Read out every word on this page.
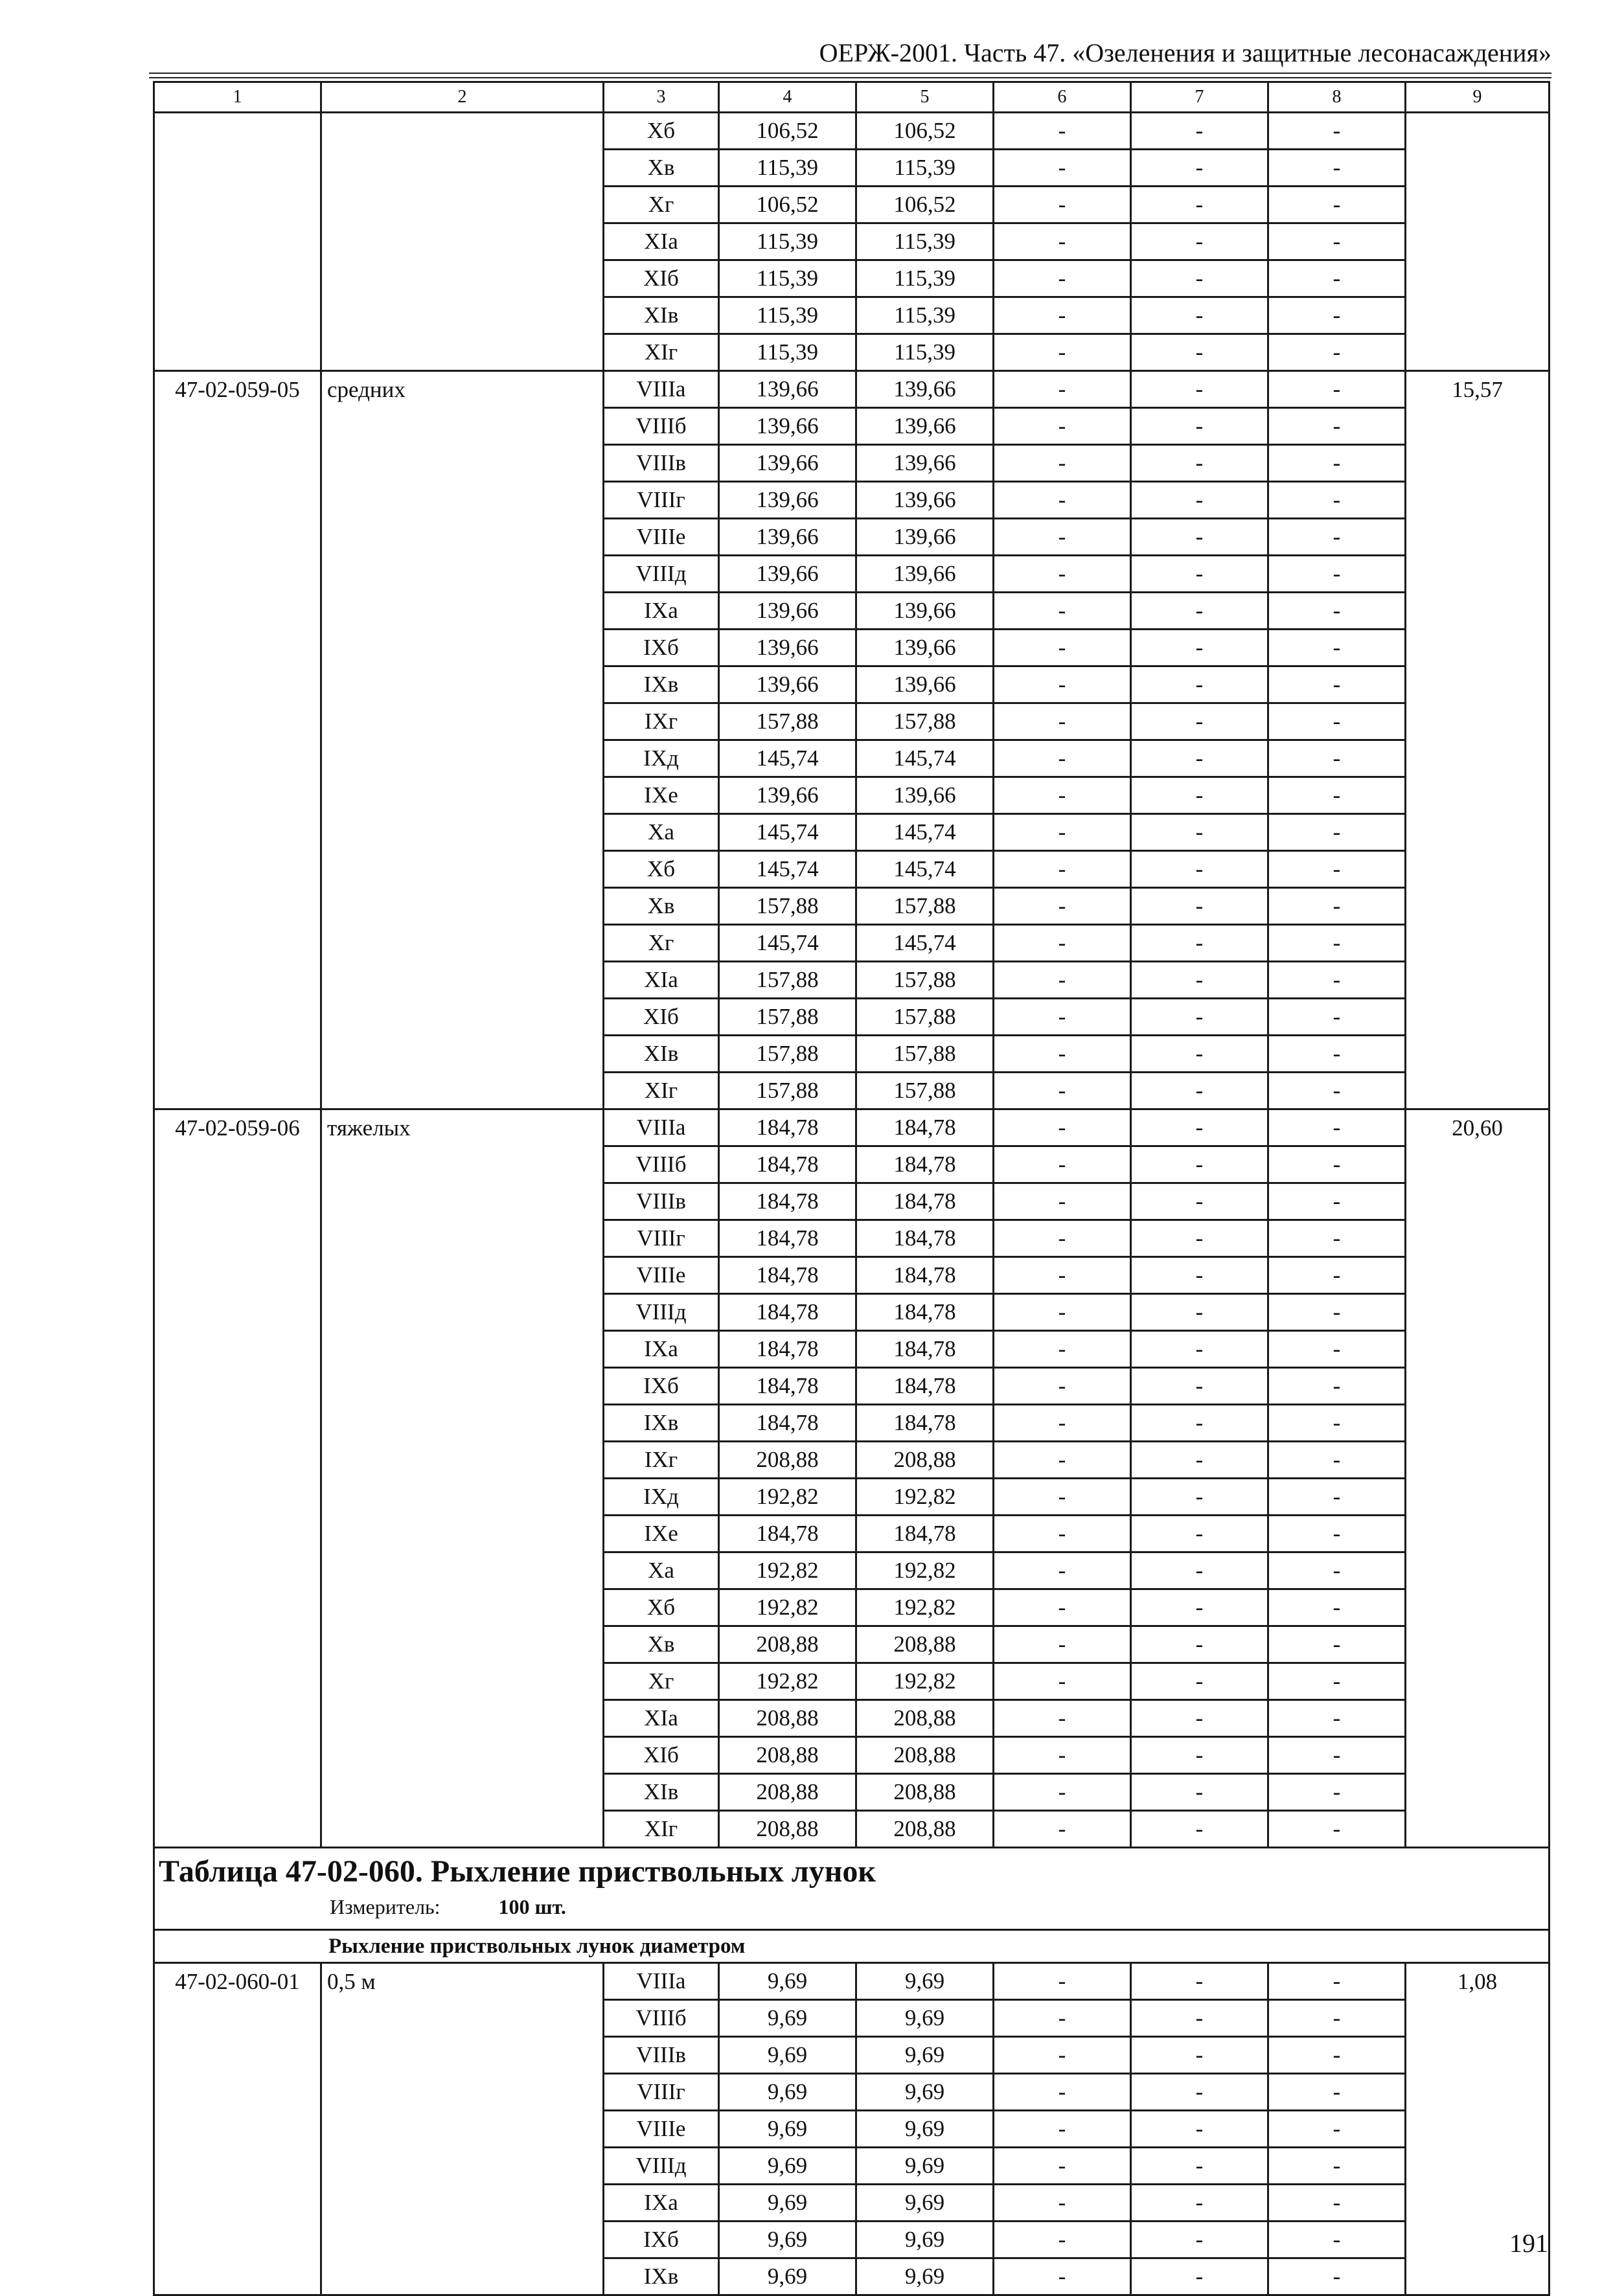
ОЕРЖ-2001. Часть 47. «Озеленения и защитные лесонасаждения»
1	2	3	4	5	6	7	8	9
		Xб	106,52	106,52	-	-	-	
		Xв	115,39	115,39	-	-	-	
		Xг	106,52	106,52	-	-	-	
		XIа	115,39	115,39	-	-	-	
		XIб	115,39	115,39	-	-	-	
		XIв	115,39	115,39	-	-	-	
		XIг	115,39	115,39	-	-	-	
47-02-059-05	средних	VIIIа	139,66	139,66	-	-	-	15,57
		VIIIб	139,66	139,66	-	-	-	
		VIIIв	139,66	139,66	-	-	-	
		VIIIг	139,66	139,66	-	-	-	
		VIIIе	139,66	139,66	-	-	-	
		VIIIд	139,66	139,66	-	-	-	
		IXа	139,66	139,66	-	-	-	
		IXб	139,66	139,66	-	-	-	
		IXв	139,66	139,66	-	-	-	
		IXг	157,88	157,88	-	-	-	
		IXд	145,74	145,74	-	-	-	
		IXе	139,66	139,66	-	-	-	
		Xа	145,74	145,74	-	-	-	
		Xб	145,74	145,74	-	-	-	
		Xв	157,88	157,88	-	-	-	
		Xг	145,74	145,74	-	-	-	
		XIа	157,88	157,88	-	-	-	
		XIб	157,88	157,88	-	-	-	
		XIв	157,88	157,88	-	-	-	
		XIг	157,88	157,88	-	-	-	
47-02-059-06	тяжелых	VIIIа	184,78	184,78	-	-	-	20,60
		VIIIб	184,78	184,78	-	-	-	
		VIIIв	184,78	184,78	-	-	-	
		VIIIг	184,78	184,78	-	-	-	
		VIIIе	184,78	184,78	-	-	-	
		VIIIд	184,78	184,78	-	-	-	
		IXа	184,78	184,78	-	-	-	
		IXб	184,78	184,78	-	-	-	
		IXв	184,78	184,78	-	-	-	
		IXг	208,88	208,88	-	-	-	
		IXд	192,82	192,82	-	-	-	
		IXе	184,78	184,78	-	-	-	
		Xа	192,82	192,82	-	-	-	
		Xб	192,82	192,82	-	-	-	
		Xв	208,88	208,88	-	-	-	
		Xг	192,82	192,82	-	-	-	
		XIа	208,88	208,88	-	-	-	
		XIб	208,88	208,88	-	-	-	
		XIв	208,88	208,88	-	-	-	
		XIг	208,88	208,88	-	-	-	

Таблица 47-02-060. Рыхление приствольных лунок
Измеритель: 100 шт.								

Рыхление приствольных лунок диаметром								
47-02-060-01	0,5 м	VIIIа	9,69	9,69	-	-	-	1,08
		VIIIб	9,69	9,69	-	-	-	
		VIIIв	9,69	9,69	-	-	-	
		VIIIг	9,69	9,69	-	-	-	
		VIIIе	9,69	9,69	-	-	-	
		VIIIд	9,69	9,69	-	-	-	
		IXа	9,69	9,69	-	-	-	
		IXб	9,69	9,69	-	-	-	
		IXв	9,69	9,69	-	-	-	
191
